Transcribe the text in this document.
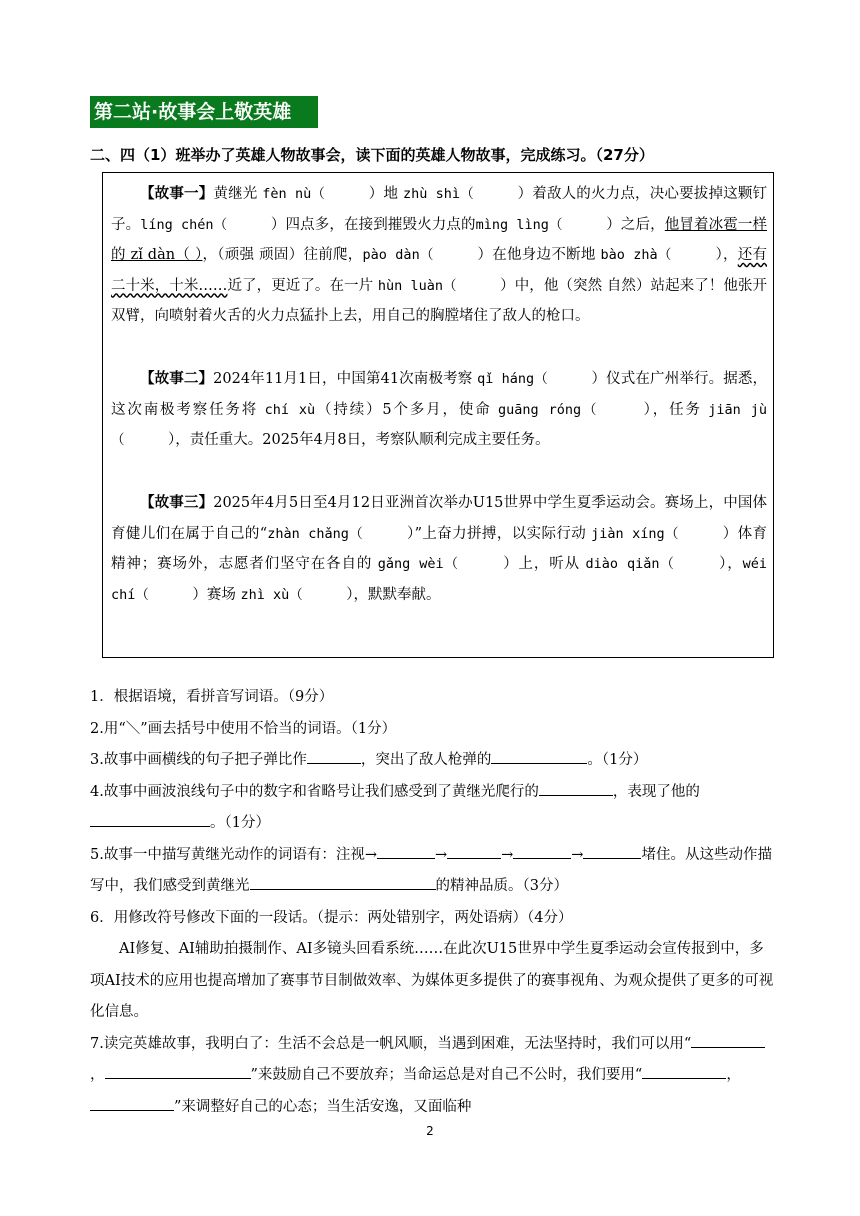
第二站·故事会上敬英雄
二、四（1）班举办了英雄人物故事会，读下面的英雄人物故事，完成练习。（27分）

【故事一】黄继光 fèn nù（   	）地 zhù shì（   	）着敌人的火力点，决心要拔掉这颗钉子。líng chén（   	）四点多，在接到摧毁火力点的mìng lìng（   	）之后，他冒着冰雹一样的 zǐ dàn（ ），（顽强 顽固）往前爬，pào dàn（   	）在他身边不断地 bào zhà（   	），还有二十米，十米……近了，更近了。在一片 hùn luàn（   	）中，他（突然 自然）站起来了！他张开双臂，向喷射着火舌的火力点猛扑上去，用自己的胸膛堵住了敌人的枪口。

【故事二】2024年11月1日，中国第41次南极考察 qǐ háng（   	）仪式在广州举行。据悉，这次南极考察任务将 chí xù（持续）5个多月，使命 guāng róng（   	），任务 jiān jù（   	），责任重大。2025年4月8日，考察队顺利完成主要任务。

【故事三】2025年4月5日至4月12日亚洲首次举办U15世界中学生夏季运动会。赛场上，中国体育健儿们在属于自己的“zhàn chǎng（   	）”上奋力拼搏，以实际行动 jiàn xíng（   	）体育精神；赛场外，志愿者们坚守在各自的 gǎng wèi（   	）上，听从 diào qiǎn（   	），wéi chí（   	）赛场 zhì xù（   	），默默奉献。

1．根据语境，看拼音写词语。（9分）

2.用“＼”画去括号中使用不恰当的词语。（1分）

3.故事中画横线的句子把子弹比作	，突出了敌人枪弹的	。（1分）

4.故事中画波浪线句子中的数字和省略号让我们感受到了黄继光爬行的	，表现了他的。（1分）

5.故事一中描写黄继光动作的词语有：注视→	→	→	→	堵住。从这些动作描写中，我们感受到黄继光	的精神品质。（3分）

6．用修改符号修改下面的一段话。（提示：两处错别字，两处语病）（4分）

AI修复、AI辅助拍摄制作、AI多镜头回看系统……在此次U15世界中学生夏季运动会宣传报到中，多项AI技术的应用也提高增加了赛事节目制做效率、为媒体更多提供了的赛事视角、为观众提供了更多的可视化信息。

7.读完英雄故事，我明白了：生活不会总是一帆风顺，当遇到困难，无法坚持时，我们可以用“，	”来鼓励自己不要放弃；当命运总是对自己不公时，我们要用“	，”来调整好自己的心态；当生活安逸，又面临种

2
